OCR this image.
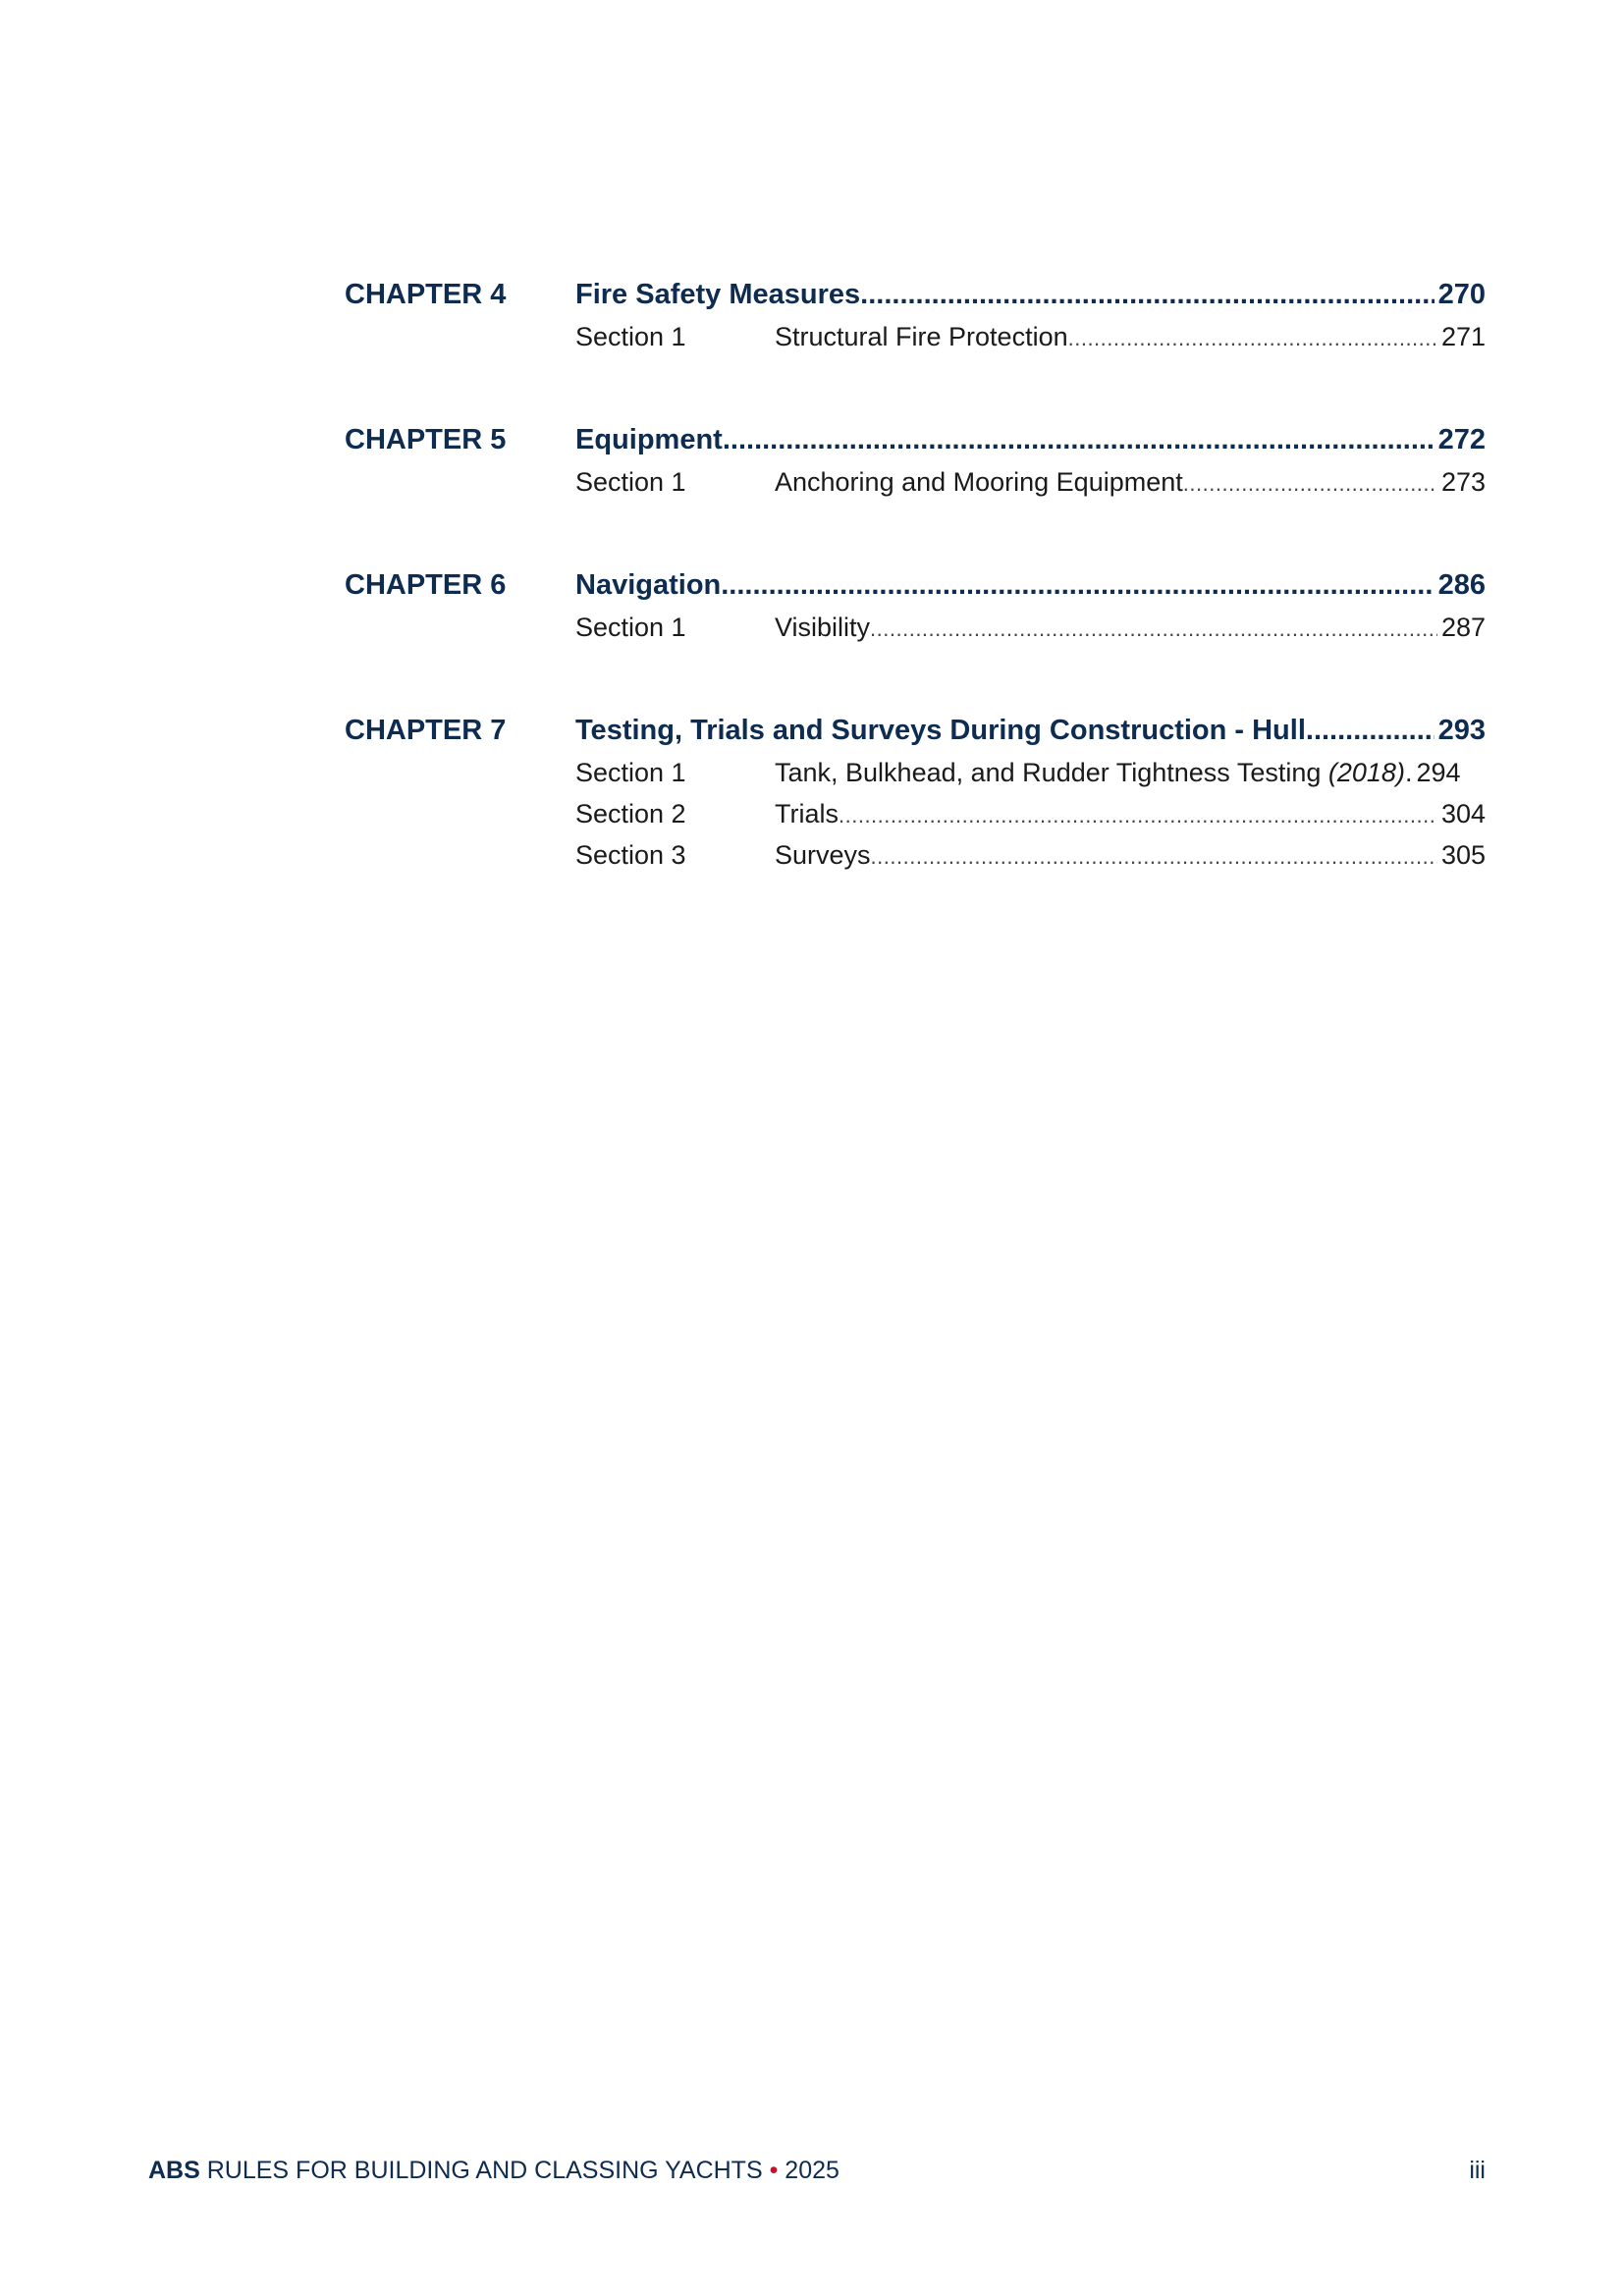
CHAPTER 4	Fire Safety Measures .....	270
Section 1	Structural Fire Protection .....	271
CHAPTER 5	Equipment .....	272
Section 1	Anchoring and Mooring Equipment .....	273
CHAPTER 6	Navigation .....	286
Section 1	Visibility .....	287
CHAPTER 7	Testing, Trials and Surveys During Construction - Hull .....	293
Section 1	Tank, Bulkhead, and Rudder Tightness Testing (2018). 294
Section 2	Trials .....	304
Section 3	Surveys .....	305
ABS RULES FOR BUILDING AND CLASSING YACHTS • 2025	iii
